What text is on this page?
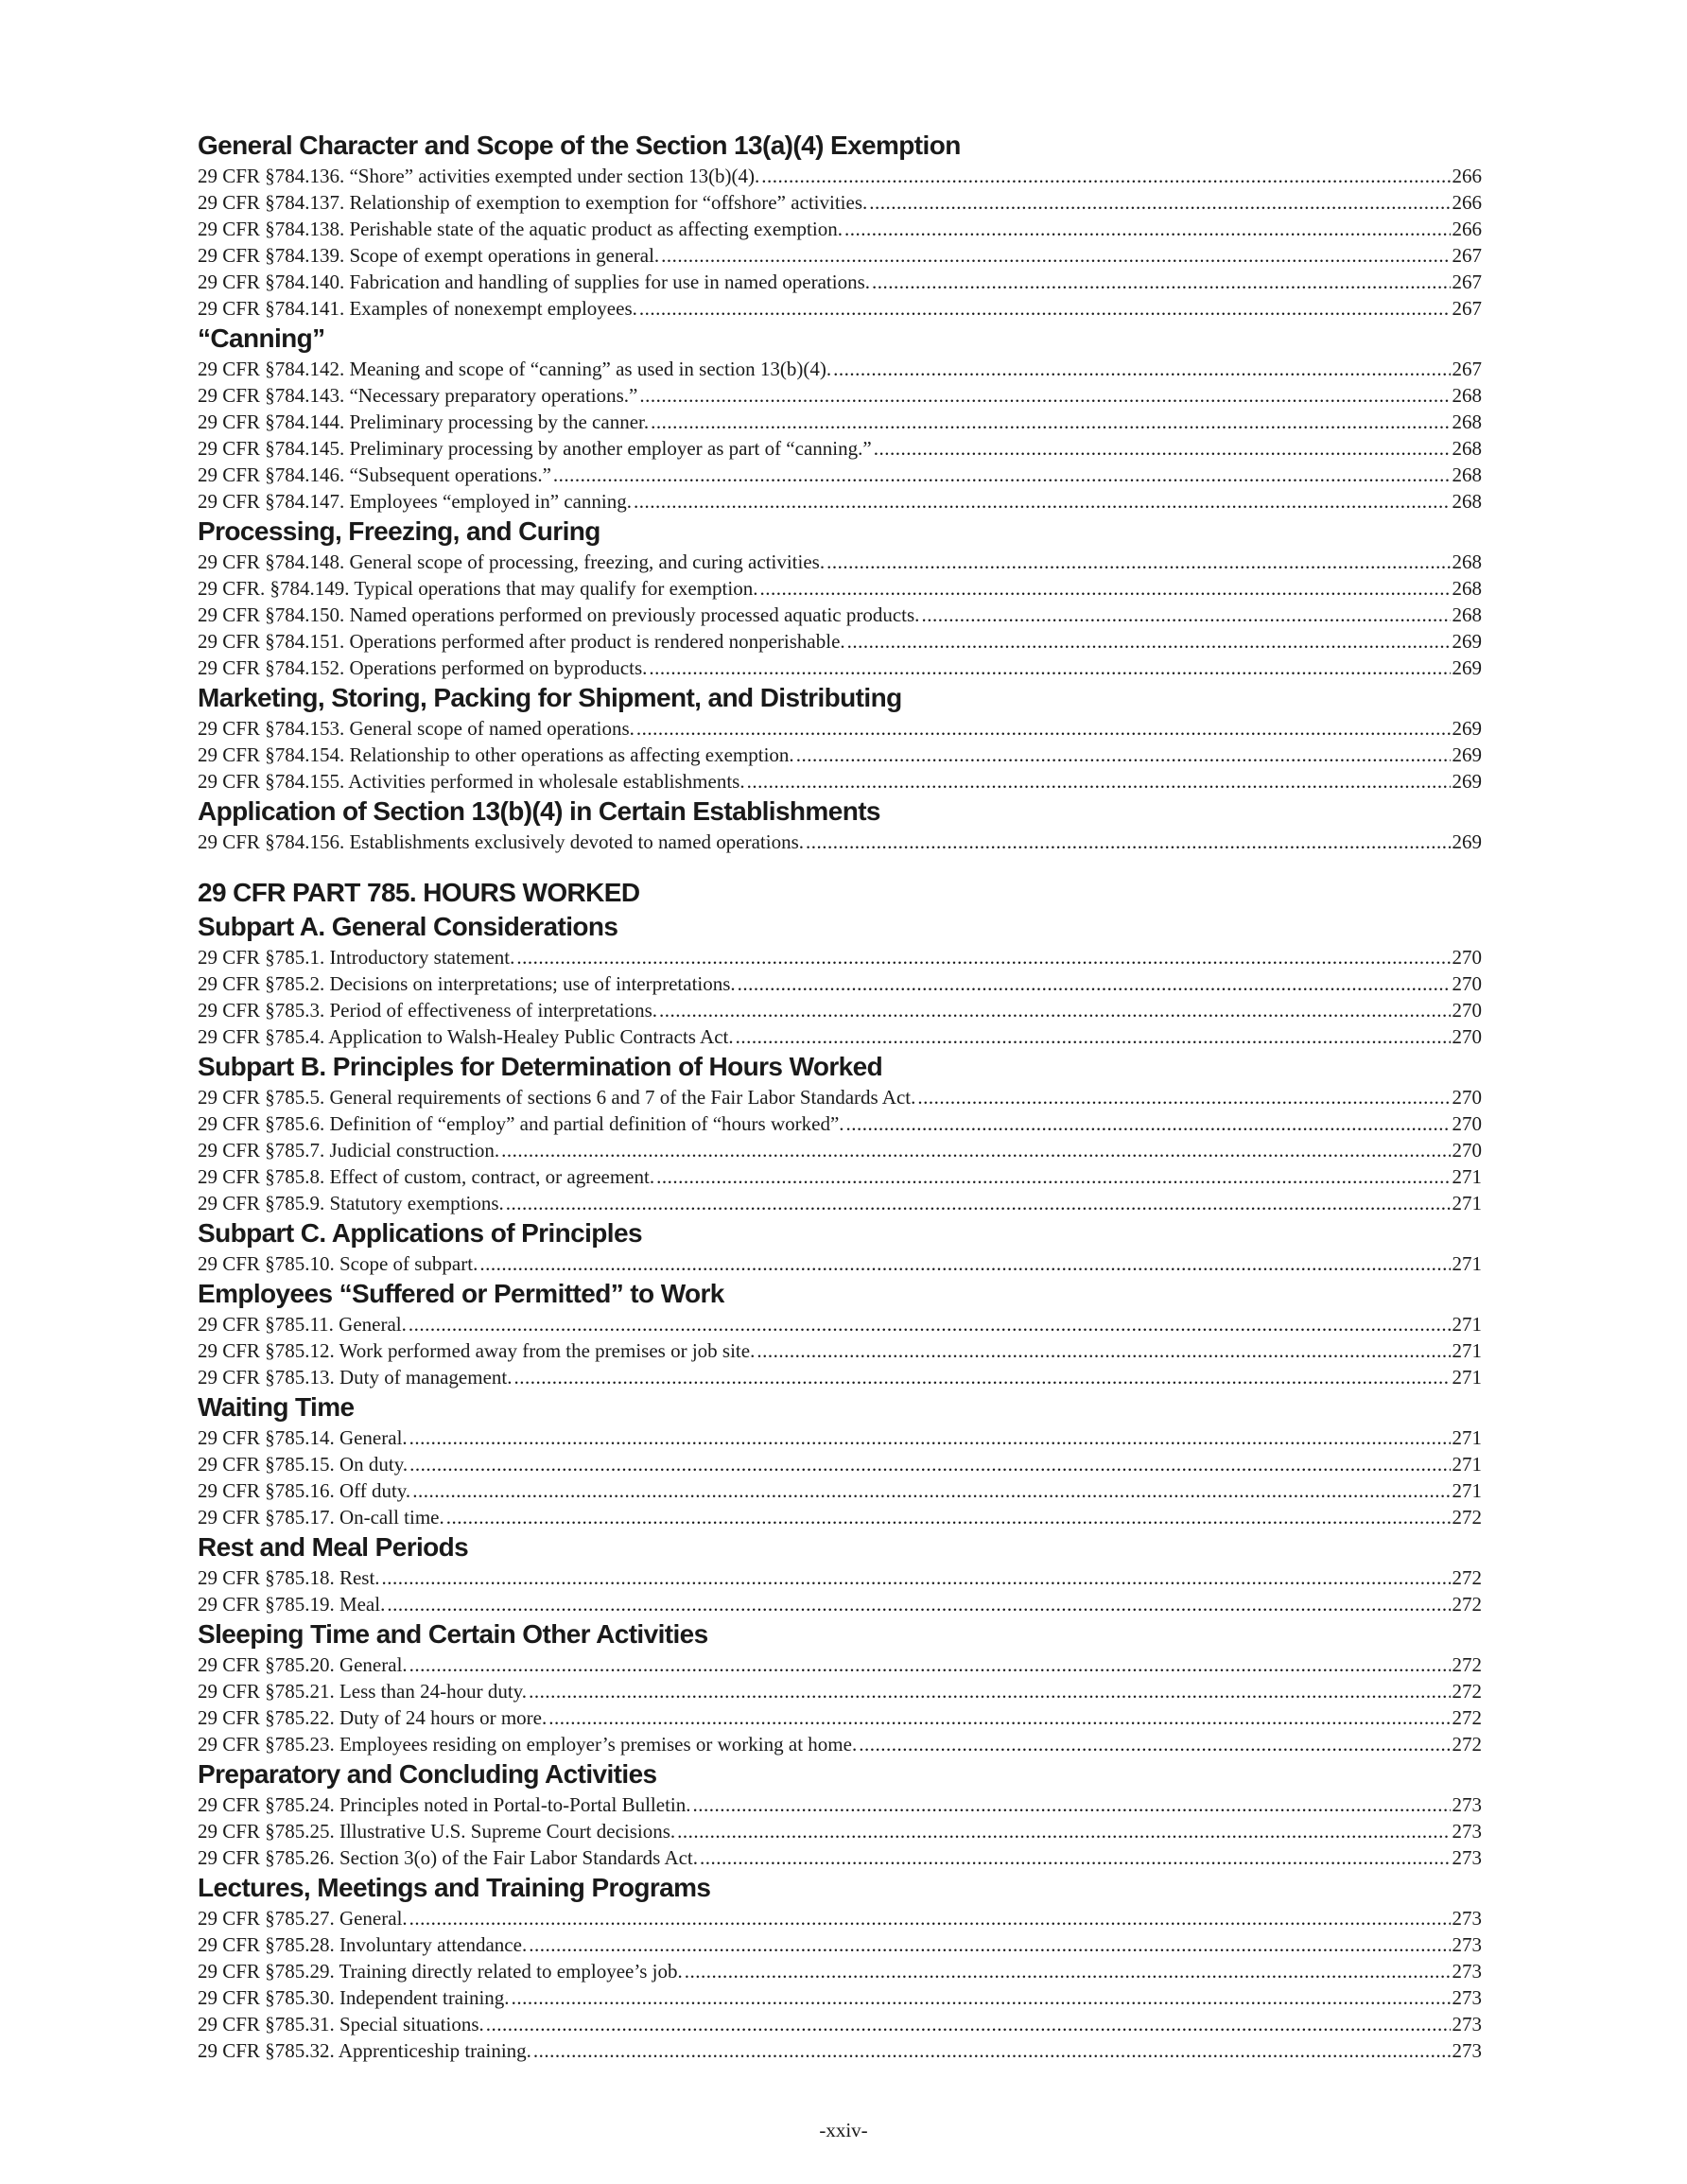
General Character and Scope of the Section 13(a)(4) Exemption
29 CFR §784.136. “Shore” activities exempted under section 13(b)(4). .....	266
29 CFR §784.137. Relationship of exemption to exemption for “offshore” activities. .....	266
29 CFR §784.138. Perishable state of the aquatic product as affecting exemption. .....	266
29 CFR §784.139. Scope of exempt operations in general. .....	267
29 CFR §784.140. Fabrication and handling of supplies for use in named operations. .....	267
29 CFR §784.141. Examples of nonexempt employees. .....	267
“Canning”
29 CFR §784.142. Meaning and scope of “canning” as used in section 13(b)(4). .....	267
29 CFR §784.143. “Necessary preparatory operations.” .....	268
29 CFR §784.144. Preliminary processing by the canner. .....	268
29 CFR §784.145. Preliminary processing by another employer as part of “canning.” .....	268
29 CFR §784.146. “Subsequent operations.” .....	268
29 CFR §784.147. Employees “employed in” canning. .....	268
Processing, Freezing, and Curing
29 CFR §784.148. General scope of processing, freezing, and curing activities. .....	268
29 CFR. §784.149. Typical operations that may qualify for exemption. .....	268
29 CFR §784.150. Named operations performed on previously processed aquatic products. .....	268
29 CFR §784.151. Operations performed after product is rendered nonperishable. .....	269
29 CFR §784.152. Operations performed on byproducts. .....	269
Marketing, Storing, Packing for Shipment, and Distributing
29 CFR §784.153. General scope of named operations. .....	269
29 CFR §784.154. Relationship to other operations as affecting exemption. .....	269
29 CFR §784.155. Activities performed in wholesale establishments. .....	269
Application of Section 13(b)(4) in Certain Establishments
29 CFR §784.156. Establishments exclusively devoted to named operations. .....	269
29 CFR PART 785. HOURS WORKED
Subpart A. General Considerations
29 CFR §785.1. Introductory statement. .....	270
29 CFR §785.2. Decisions on interpretations; use of interpretations. .....	270
29 CFR §785.3. Period of effectiveness of interpretations. .....	270
29 CFR §785.4. Application to Walsh-Healey Public Contracts Act. .....	270
Subpart B. Principles for Determination of Hours Worked
29 CFR §785.5. General requirements of sections 6 and 7 of the Fair Labor Standards Act. .....	270
29 CFR §785.6. Definition of “employ” and partial definition of “hours worked”. .....	270
29 CFR §785.7. Judicial construction. .....	270
29 CFR §785.8. Effect of custom, contract, or agreement. .....	271
29 CFR §785.9. Statutory exemptions. .....	271
Subpart C. Applications of Principles
29 CFR §785.10. Scope of subpart. .....	271
Employees “Suffered or Permitted” to Work
29 CFR §785.11. General. .....	271
29 CFR §785.12. Work performed away from the premises or job site. .....	271
29 CFR §785.13. Duty of management. .....	271
Waiting Time
29 CFR §785.14. General. .....	271
29 CFR §785.15. On duty. .....	271
29 CFR §785.16. Off duty. .....	271
29 CFR §785.17. On-call time. .....	272
Rest and Meal Periods
29 CFR §785.18. Rest. .....	272
29 CFR §785.19. Meal. .....	272
Sleeping Time and Certain Other Activities
29 CFR §785.20. General. .....	272
29 CFR §785.21. Less than 24-hour duty. .....	272
29 CFR §785.22. Duty of 24 hours or more. .....	272
29 CFR §785.23. Employees residing on employer’s premises or working at home. .....	272
Preparatory and Concluding Activities
29 CFR §785.24. Principles noted in Portal-to-Portal Bulletin. .....	273
29 CFR §785.25. Illustrative U.S. Supreme Court decisions. .....	273
29 CFR §785.26. Section 3(o) of the Fair Labor Standards Act. .....	273
Lectures, Meetings and Training Programs
29 CFR §785.27. General. .....	273
29 CFR §785.28. Involuntary attendance. .....	273
29 CFR §785.29. Training directly related to employee’s job. .....	273
29 CFR §785.30. Independent training. .....	273
29 CFR §785.31. Special situations. .....	273
29 CFR §785.32. Apprenticeship training. .....	273
-xxiv-
